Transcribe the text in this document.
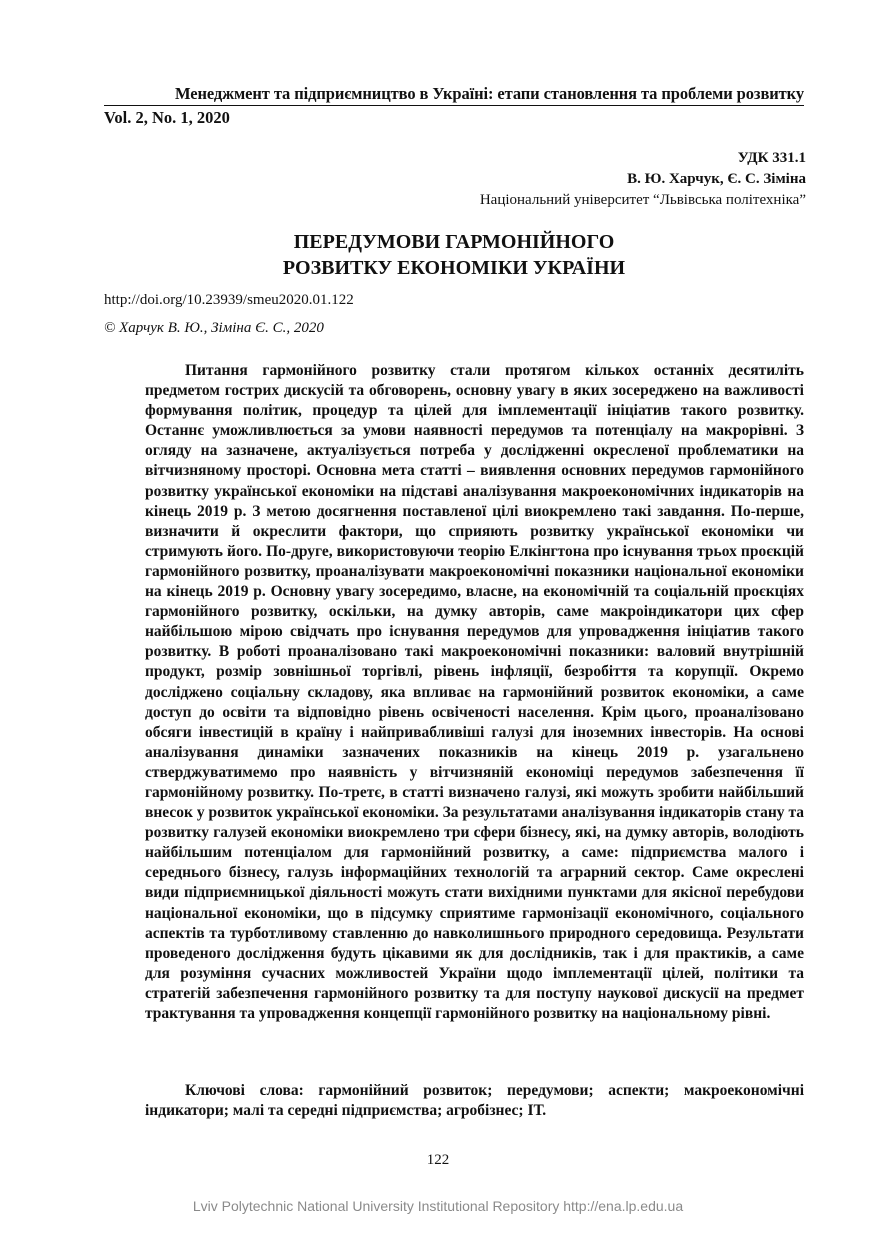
Менеджмент та підприємництво в Україні: етапи становлення та проблеми розвитку
Vol. 2, No. 1, 2020
УДК 331.1
В. Ю. Харчук, Є. С. Зіміна
Національний університет “Львівська політехніка”
ПЕРЕДУМОВИ ГАРМОНІЙНОГО
РОЗВИТКУ ЕКОНОМІКИ УКРАЇНИ
http://doi.org/10.23939/smeu2020.01.122
© Харчук В. Ю., Зіміна Є. С., 2020

Питання гармонійного розвитку стали протягом кількох останніх десятиліть предметом гострих дискусій та обговорень, основну увагу в яких зосереджено на важливості формування політик, процедур та цілей для імплементації ініціатив такого розвитку. Останнє уможливлюється за умови наявності передумов та потенціалу на макрорівні. З огляду на зазначене, актуалізується потреба у дослідженні окресленої проблематики на вітчизняному просторі. Основна мета статті – виявлення основних передумов гармонійного розвитку української економіки на підставі аналізування макроекономічних індикаторів на кінець 2019 р. З метою досягнення поставленої цілі виокремлено такі завдання. По-перше, визначити й окреслити фактори, що сприяють розвитку української економіки чи стримують його. По-друге, використовуючи теорію Елкінгтона про існування трьох проєкцій гармонійного розвитку, проаналізувати макроекономічні показники національної економіки на кінець 2019 р. Основну увагу зосередимо, власне, на економічній та соціальній проєкціях гармонійного розвитку, оскільки, на думку авторів, саме макроіндикатори цих сфер найбільшою мірою свідчать про існування передумов для упровадження ініціатив такого розвитку. В роботі проаналізовано такі макроекономічні показники: валовий внутрішній продукт, розмір зовнішньої торгівлі, рівень інфляції, безробіття та корупції. Окремо досліджено соціальну складову, яка впливає на гармонійний розвиток економіки, а саме доступ до освіти та відповідно рівень освіченості населення. Крім цього, проаналізовано обсяги інвестицій в країну і найпривабливіші галузі для іноземних інвесторів. На основі аналізування динаміки зазначених показників на кінець 2019 р. узагальнено стверджуватимемо про наявність у вітчизняній економіці передумов забезпечення її гармонійному розвитку. По-третє, в статті визначено галузі, які можуть зробити найбільший внесок у розвиток української економіки. За результатами аналізування індикаторів стану та розвитку галузей економіки виокремлено три сфери бізнесу, які, на думку авторів, володіють найбільшим потенціалом для гармонійний розвитку, а саме: підприємства малого і середнього бізнесу, галузь інформаційних технологій та аграрний сектор. Саме окреслені види підприємницької діяльності можуть стати вихідними пунктами для якісної перебудови національної економіки, що в підсумку сприятиме гармонізації економічного, соціального аспектів та турботливому ставленню до навколишнього природного середовища. Результати проведеного дослідження будуть цікавими як для дослідників, так і для практиків, а саме для розуміння сучасних можливостей України щодо імплементації цілей, політики та стратегій забезпечення гармонійного розвитку та для поступу наукової дискусії на предмет трактування та упровадження концепції гармонійного розвитку на національному рівні.

Ключові слова: гармонійний розвиток; передумови; аспекти; макроекономічні індикатори; малі та середні підприємства; агробізнес; ІТ.

122
Lviv Polytechnic National University Institutional Repository http://ena.lp.edu.ua
